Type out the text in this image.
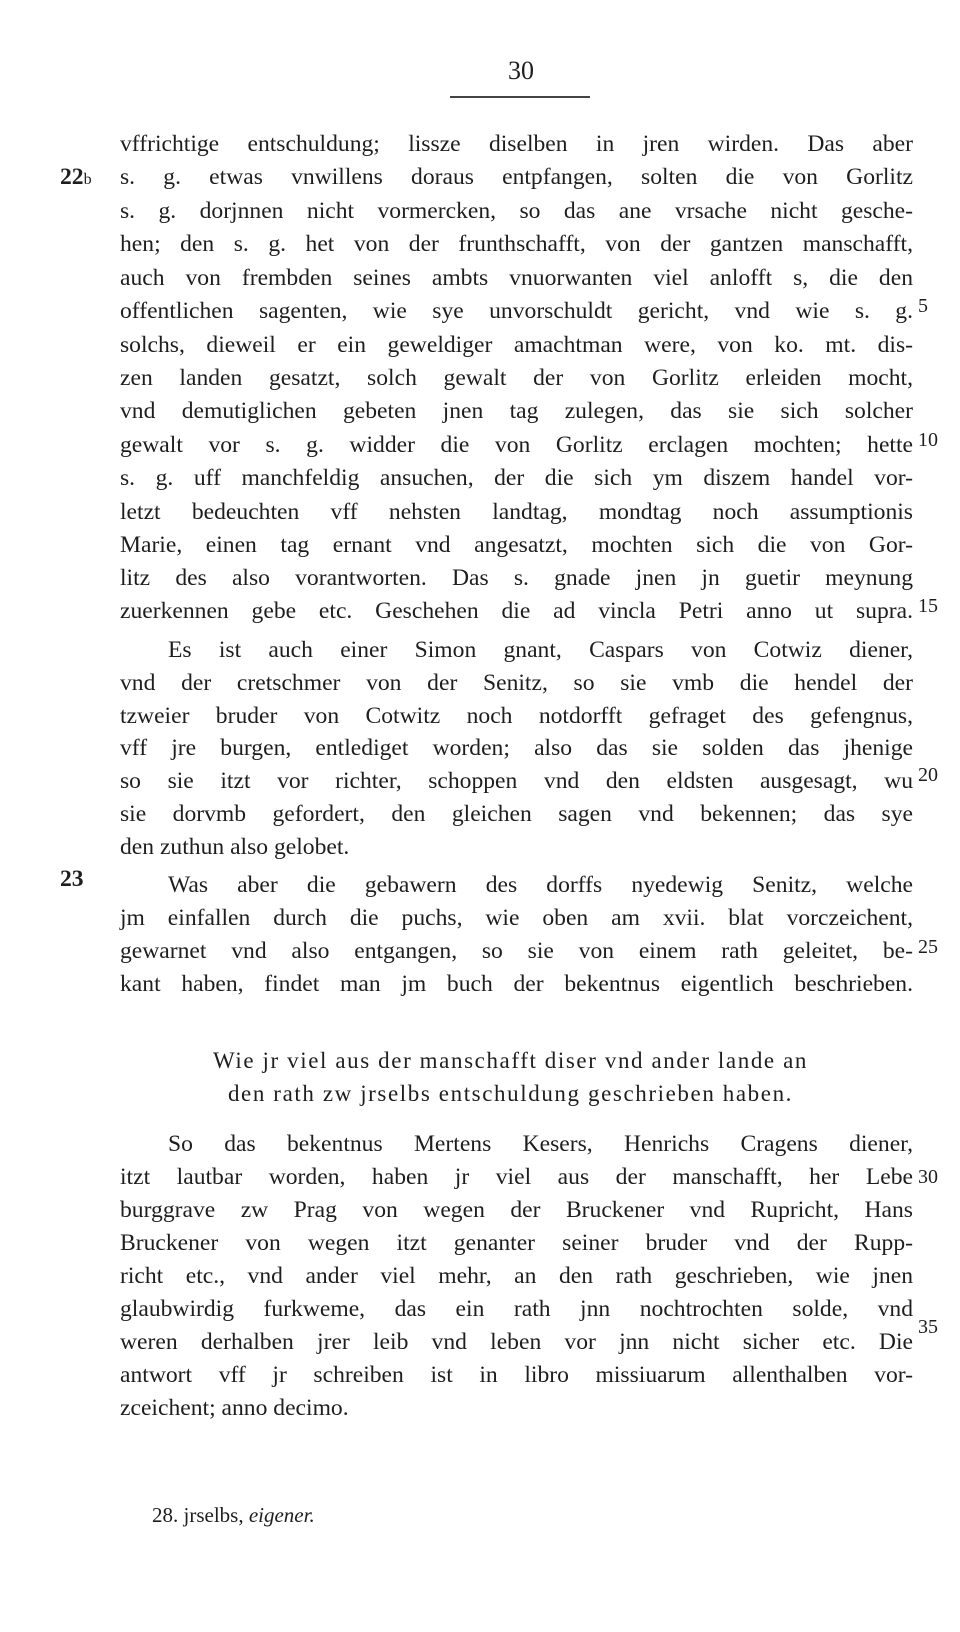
30
22b
23
5
10
15
20
25
30
35
vffrichtige entschuldung; lissze diselben in jren wirden. Das aber
s. g. etwas vnwillens doraus entpfangen, solten die von Gorlitz
s. g. dorjnnen nicht vormercken, so das ane vrsache nicht gesche-
hen; den s. g. het von der frunthschafft, von der gantzen manschafft,
auch von frembden seines ambts vnuorwanten viel anlofft s, die den
offentlichen sagenten, wie sye unvorschuldt gericht, vnd wie s. g.
solchs, dieweil er ein geweldiger amachtman were, von ko. mt. dis-
zen landen gesatzt, solch gewalt der von Gorlitz erleiden mocht,
vnd demutiglichen gebeten jnen tag zulegen, das sie sich solcher
gewalt vor s. g. widder die von Gorlitz erclagen mochten; hette
s. g. uff manchfeldig ansuchen, der die sich ym diszem handel vor-
letzt bedeuchten vff nehsten landtag, mondtag noch assumptionis
Marie, einen tag ernant vnd angesatzt, mochten sich die von Gor-
litz des also vorantworten. Das s. gnade jnen jn guetir meynung
zuerkennen gebe etc. Geschehen die ad vincla Petri anno ut supra.
Es ist auch einer Simon gnant, Caspars von Cotwiz diener,
vnd der cretschmer von der Senitz, so sie vmb die hendel der
tzweier bruder von Cotwitz noch notdorfft gefraget des gefengnus,
vff jre burgen, entlediget worden; also das sie solden das jhenige
so sie itzt vor richter, schoppen vnd den eldsten ausgesagt, wu
sie dorvmb gefordert, den gleichen sagen vnd bekennen; das sye
den zuthun also gelobet.
Was aber die gebawern des dorffs nyedewig Senitz, welche
jm einfallen durch die puchs, wie oben am xvii. blat vorczeichent,
gewarnet vnd also entgangen, so sie von einem rath geleitet, be-
kant haben, findet man jm buch der bekentnus eigentlich beschrieben.
Wie jr viel aus der manschafft diser vnd ander lande an
den rath zw jrselbs entschuldung geschrieben haben.
So das bekentnus Mertens Kesers, Henrichs Cragens diener,
itzt lautbar worden, haben jr viel aus der manschafft, her Lebe
burggrave zw Prag von wegen der Bruckener vnd Rupricht, Hans
Bruckener von wegen itzt genanter seiner bruder vnd der Rupp-
richt etc., vnd ander viel mehr, an den rath geschrieben, wie jnen
glaubwirdig furkweme, das ein rath jnn nochtrochten solde, vnd
weren derhalben jrer leib vnd leben vor jnn nicht sicher etc. Die
antwort vff jr schreiben ist in libro missiuarum allenthalben vor-
zceichent; anno decimo.
28. jrselbs, eigener.
